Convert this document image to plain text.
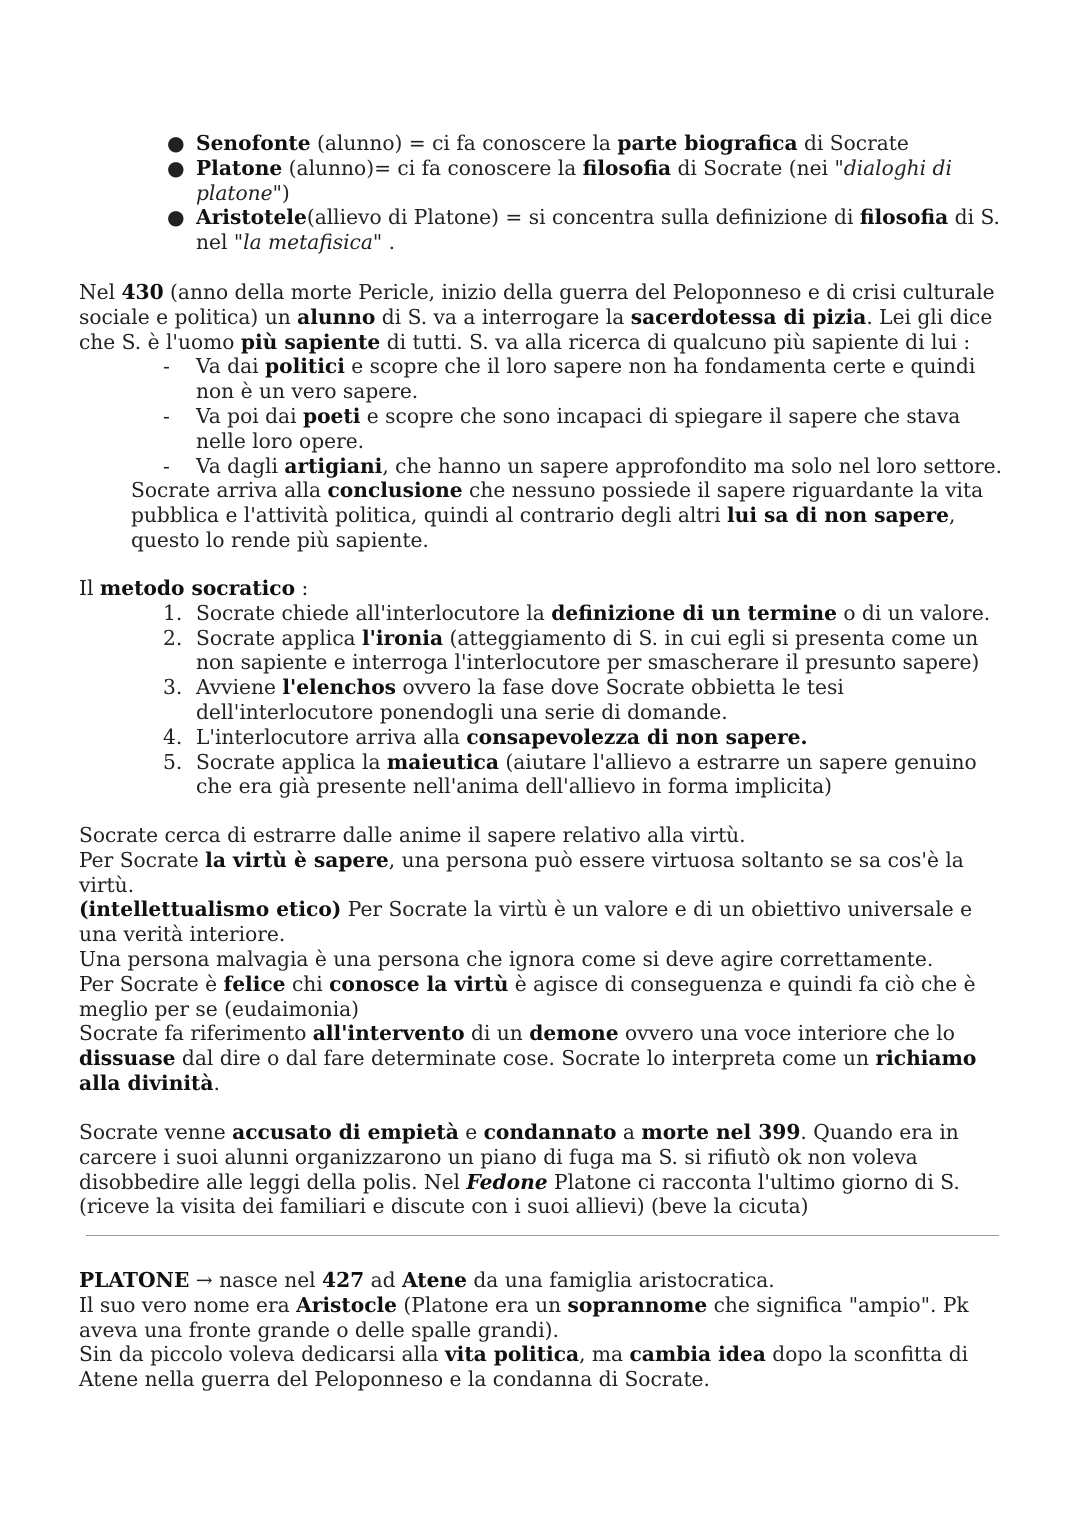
● Senofonte (alunno) = ci fa conoscere la parte biografica di Socrate
● Platone (alunno)= ci fa conoscere la filosofia di Socrate (nei "dialoghi di platone")
● Aristotele(allievo di Platone) = si concentra sulla definizione di filosofia di S. nel "la metafisica" .

Nel 430 (anno della morte Pericle, inizio della guerra del Peloponneso e di crisi culturale sociale e politica) un alunno di S. va a interrogare la sacerdotessa di pizia. Lei gli dice che S. è l'uomo più sapiente di tutti. S. va alla ricerca di qualcuno più sapiente di lui :

- Va dai politici e scopre che il loro sapere non ha fondamenta certe e quindi non è un vero sapere.
- Va poi dai poeti e scopre che sono incapaci di spiegare il sapere che stava nelle loro opere.
- Va dagli artigiani, che hanno un sapere approfondito ma solo nel loro settore.

Socrate arriva alla conclusione che nessuno possiede il sapere riguardante la vita pubblica e l'attività politica, quindi al contrario degli altri lui sa di non sapere, questo lo rende più sapiente.

Il metodo socratico :

1. Socrate chiede all'interlocutore la definizione di un termine o di un valore.
2. Socrate applica l'ironia (atteggiamento di S. in cui egli si presenta come un non sapiente e interroga l'interlocutore per smascherare il presunto sapere)
3. Avviene l'elenchos ovvero la fase dove Socrate obbietta le tesi dell'interlocutore ponendogli una serie di domande.
4. L'interlocutore arriva alla consapevolezza di non sapere.
5. Socrate applica la maieutica (aiutare l'allievo a estrarre un sapere genuino che era già presente nell'anima dell'allievo in forma implicita)

Socrate cerca di estrarre dalle anime il sapere relativo alla virtù.

Per Socrate la virtù è sapere, una persona può essere virtuosa soltanto se sa cos'è la virtù.

(intellettualismo etico) Per Socrate la virtù è un valore e di un obiettivo universale e una verità interiore.

Una persona malvagia è una persona che ignora come si deve agire correttamente.

Per Socrate è felice chi conosce la virtù è agisce di conseguenza e quindi fa ciò che è meglio per se (eudaimonia)

Socrate fa riferimento all'intervento di un demone ovvero una voce interiore che lo dissuase dal dire o dal fare determinate cose. Socrate lo interpreta come un richiamo alla divinità.

Socrate venne accusato di empietà e condannato a morte nel 399. Quando era in carcere i suoi alunni organizzarono un piano di fuga ma S. si rifiutò ok non voleva disobbedire alle leggi della polis. Nel Fedone Platone ci racconta l'ultimo giorno di S. (riceve la visita dei familiari e discute con i suoi allievi) (beve la cicuta)

PLATONE → nasce nel 427 ad Atene da una famiglia aristocratica.

Il suo vero nome era Aristocle (Platone era un soprannome che significa "ampio". Pk aveva una fronte grande o delle spalle grandi).

Sin da piccolo voleva dedicarsi alla vita politica, ma cambia idea dopo la sconfitta di Atene nella guerra del Peloponneso e la condanna di Socrate.
